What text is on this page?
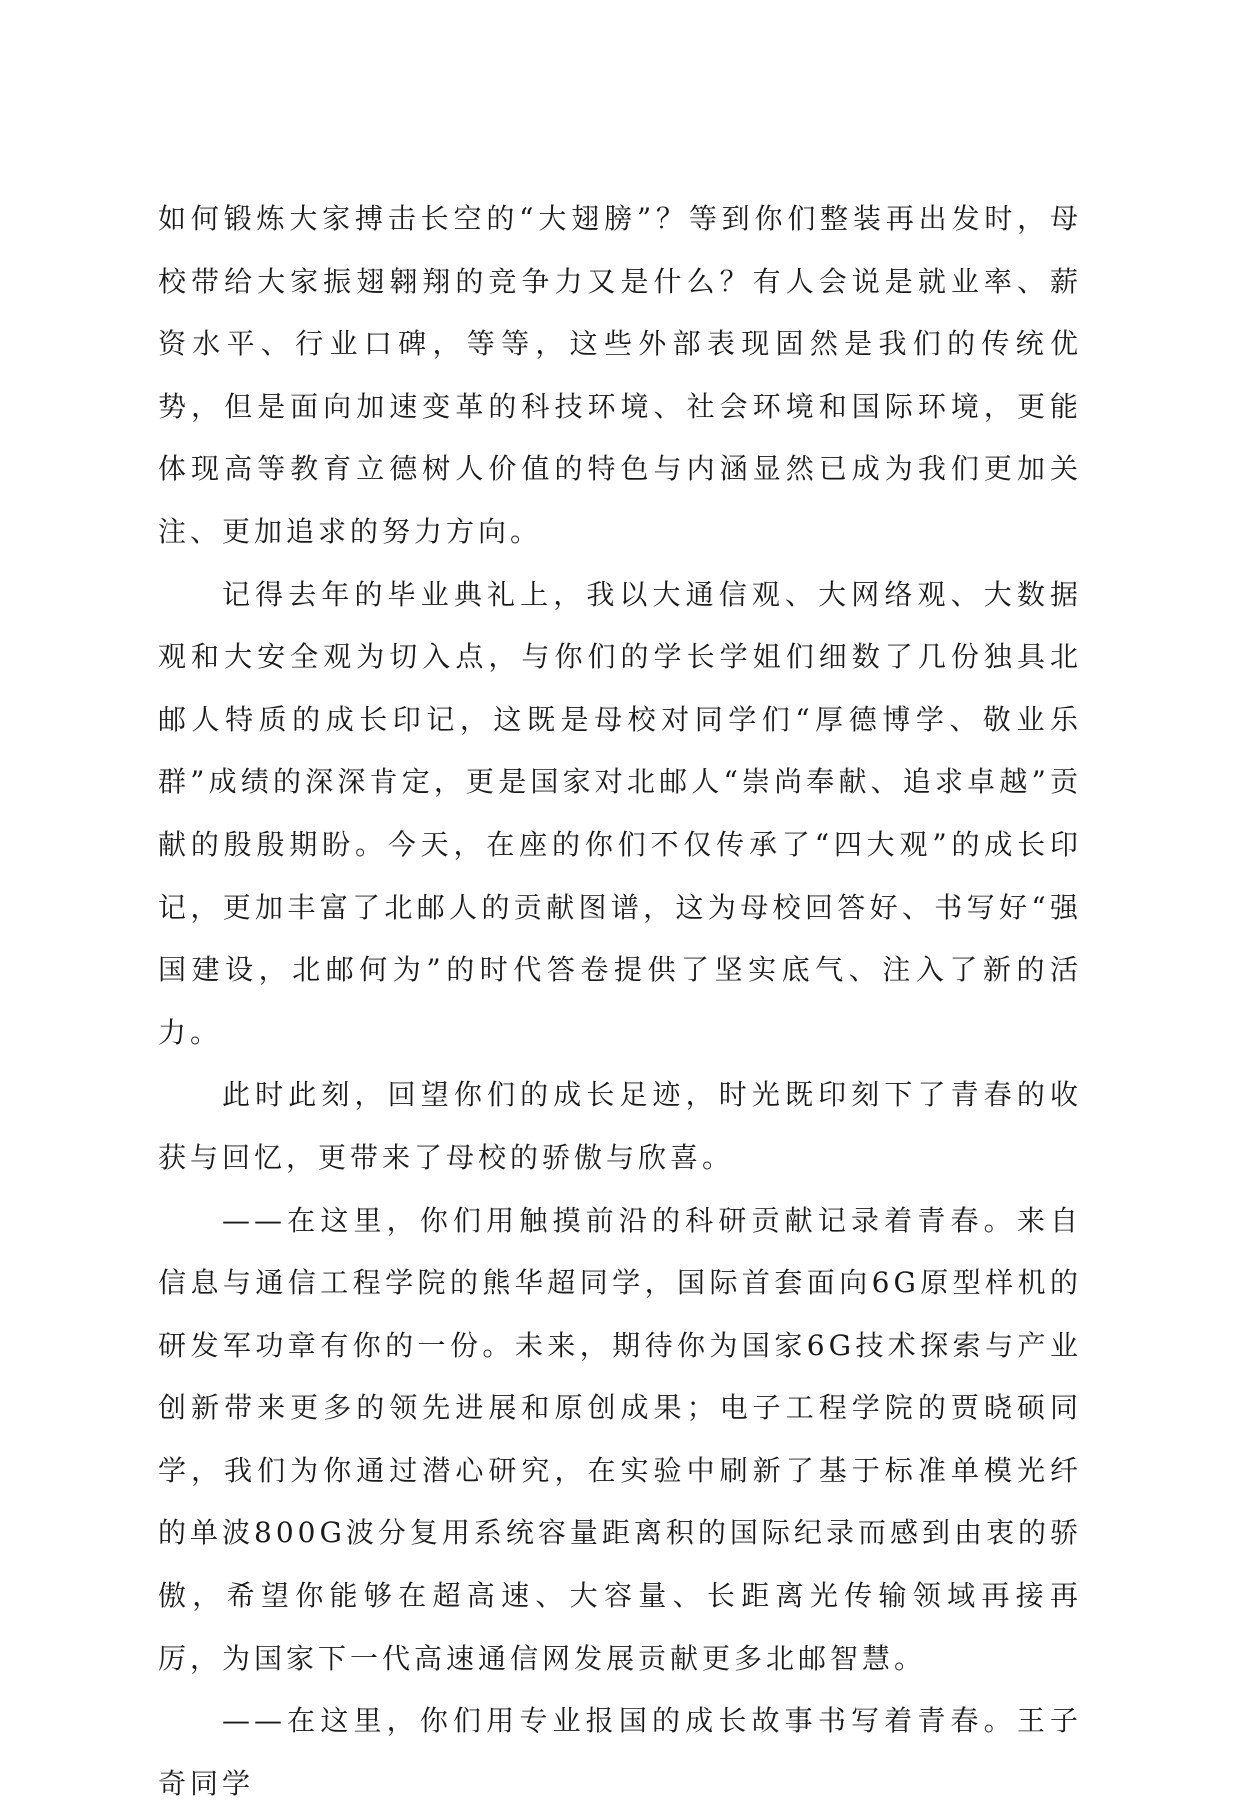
如何锻炼大家搏击长空的“大翅膀”？等到你们整装再出发时，母校带给大家振翅翱翔的竞争力又是什么？有人会说是就业率、薪资水平、行业口碑，等等，这些外部表现固然是我们的传统优势，但是面向加速变革的科技环境、社会环境和国际环境，更能体现高等教育立德树人价值的特色与内涵显然已成为我们更加关注、更加追求的努力方向。

记得去年的毕业典礼上，我以大通信观、大网络观、大数据观和大安全观为切入点，与你们的学长学姐们细数了几份独具北邮人特质的成长印记，这既是母校对同学们“厚德博学、敬业乐群”成绩的深深肯定，更是国家对北邮人“崇尚奉献、追求卓越”贡献的殷殷期盼。今天，在座的你们不仅传承了“四大观”的成长印记，更加丰富了北邮人的贡献图谱，这为母校回答好、书写好“强国建设，北邮何为”的时代答卷提供了坚实底气、注入了新的活力。

此时此刻，回望你们的成长足迹，时光既印刻下了青春的收获与回忆，更带来了母校的骄傲与欣喜。

——在这里，你们用触摸前沿的科研贡献记录着青春。来自信息与通信工程学院的熊华超同学，国际首套面向6G原型样机的研发军功章有你的一份。未来，期待你为国家6G技术探索与产业创新带来更多的领先进展和原创成果；电子工程学院的贾晓硕同学，我们为你通过潜心研究，在实验中刷新了基于标准单模光纤的单波800G波分复用系统容量距离积的国际纪录而感到由衷的骄傲，希望你能够在超高速、大容量、长距离光传输领域再接再厉，为国家下一代高速通信网发展贡献更多北邮智慧。

——在这里，你们用专业报国的成长故事书写着青春。王子奇同学
